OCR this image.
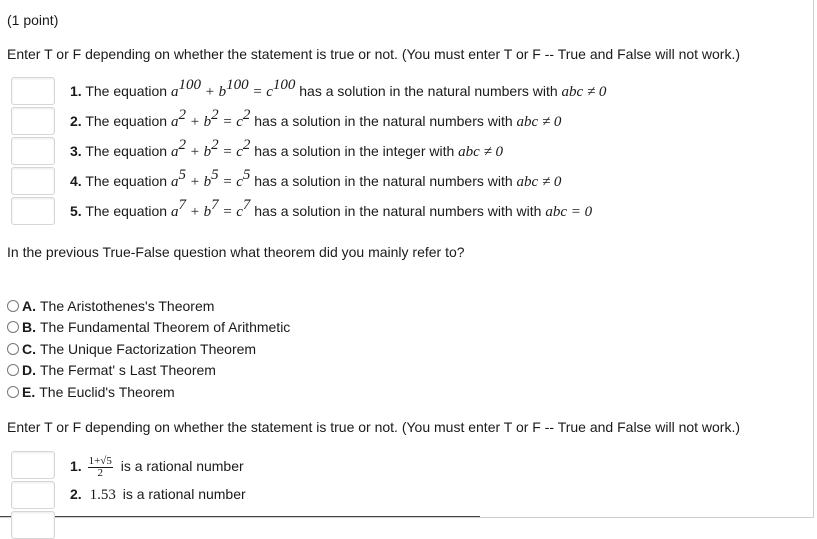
(1 point)
Enter T or F depending on whether the statement is true or not. (You must enter T or F -- True and False will not work.)
1. The equation $a^{100} + b^{100} = c^{100}$ has a solution in the natural numbers with abc ≠ 0
2. The equation $a^2 + b^2 = c^2$ has a solution in the natural numbers with abc ≠ 0
3. The equation $a^2 + b^2 = c^2$ has a solution in the integer with abc ≠ 0
4. The equation $a^5 + b^5 = c^5$ has a solution in the natural numbers with abc ≠ 0
5. The equation $a^7 + b^7 = c^7$ has a solution in the natural numbers with with abc = 0
In the previous True-False question what theorem did you mainly refer to?
A. The Aristothenes's Theorem
B. The Fundamental Theorem of Arithmetic
C. The Unique Factorization Theorem
D. The Fermat' s Last Theorem
E. The Euclid's Theorem
Enter T or F depending on whether the statement is true or not. (You must enter T or F -- True and False will not work.)
1. $\frac{1+√5}{2}$ is a rational number
2. 1.53 is a rational number
